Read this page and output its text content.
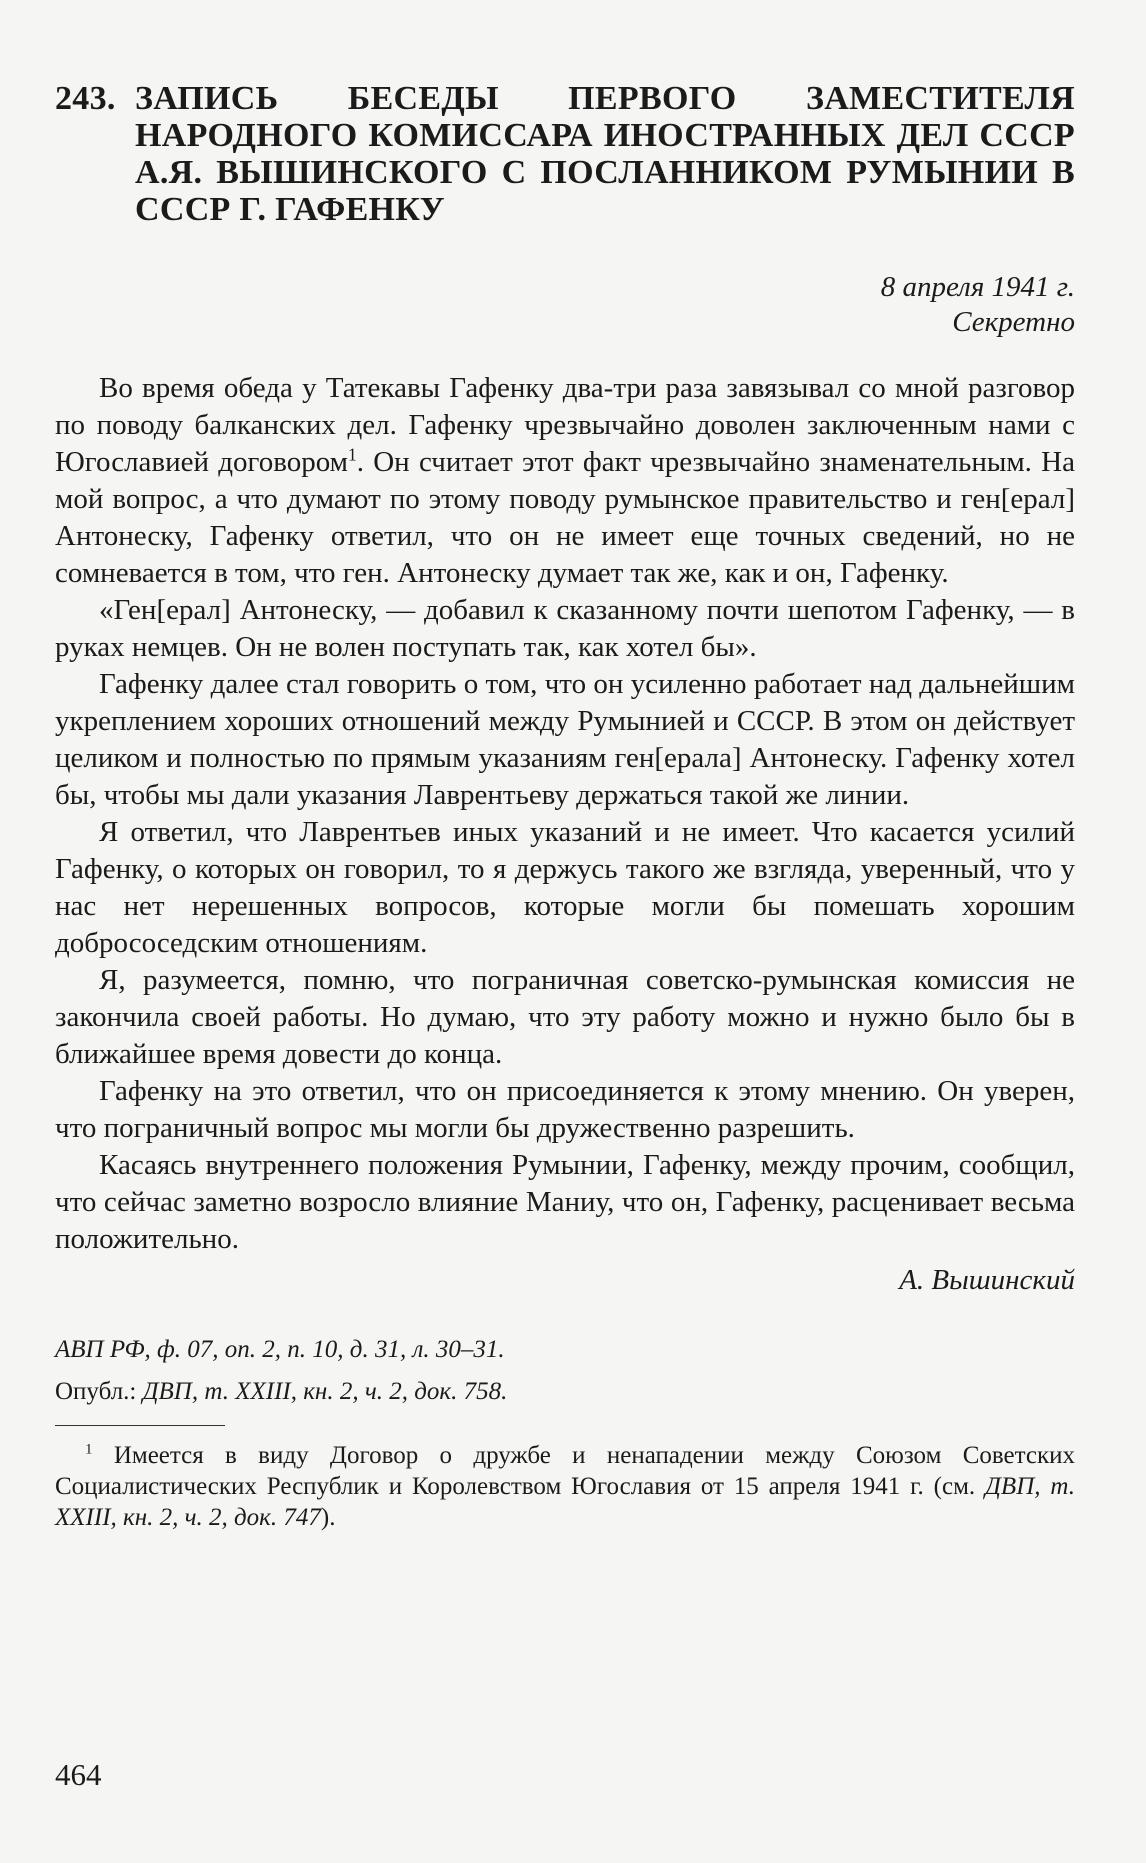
243. ЗАПИСЬ БЕСЕДЫ ПЕРВОГО ЗАМЕСТИТЕЛЯ НАРОДНОГО КОМИССАРА ИНОСТРАННЫХ ДЕЛ СССР А.Я. ВЫШИНСКОГО С ПОСЛАННИКОМ РУМЫНИИ В СССР Г. ГАФЕНКУ
8 апреля 1941 г.
Секретно

Во время обеда у Татекавы Гафенку два-три раза завязывал со мной разговор по поводу балканских дел. Гафенку чрезвычайно доволен заключенным нами с Югославией договором$^1$. Он считает этот факт чрезвычайно знаменательным. На мой вопрос, а что думают по этому поводу румынское правительство и ген[ерал] Антонеску, Гафенку ответил, что он не имеет еще точных сведений, но не сомневается в том, что ген. Антонеску думает так же, как и он, Гафенку.

«Ген[ерал] Антонеску, — добавил к сказанному почти шепотом Гафенку, — в руках немцев. Он не волен поступать так, как хотел бы».

Гафенку далее стал говорить о том, что он усиленно работает над дальнейшим укреплением хороших отношений между Румынией и СССР. В этом он действует целиком и полностью по прямым указаниям ген[ерала] Антонеску. Гафенку хотел бы, чтобы мы дали указания Лаврентьеву держаться такой же линии.

Я ответил, что Лаврентьев иных указаний и не имеет. Что касается усилий Гафенку, о которых он говорил, то я держусь такого же взгляда, уверенный, что у нас нет нерешенных вопросов, которые могли бы помешать хорошим добрососедским отношениям.

Я, разумеется, помню, что пограничная советско-румынская комиссия не закончила своей работы. Но думаю, что эту работу можно и нужно было бы в ближайшее время довести до конца.

Гафенку на это ответил, что он присоединяется к этому мнению. Он уверен, что пограничный вопрос мы могли бы дружественно разрешить.

Касаясь внутреннего положения Румынии, Гафенку, между прочим, сообщил, что сейчас заметно возросло влияние Маниу, что он, Гафенку, расценивает весьма положительно.

А. Вышинский
АВП РФ, ф. 07, оп. 2, п. 10, д. 31, л. 30–31.
Опубл.: ДВП, т. XXIII, кн. 2, ч. 2, док. 758.
$^1$ Имеется в виду Договор о дружбе и ненападении между Союзом Советских Социалистических Республик и Королевством Югославия от 15 апреля 1941 г. (см. ДВП, т. XXIII, кн. 2, ч. 2, док. 747).
464
